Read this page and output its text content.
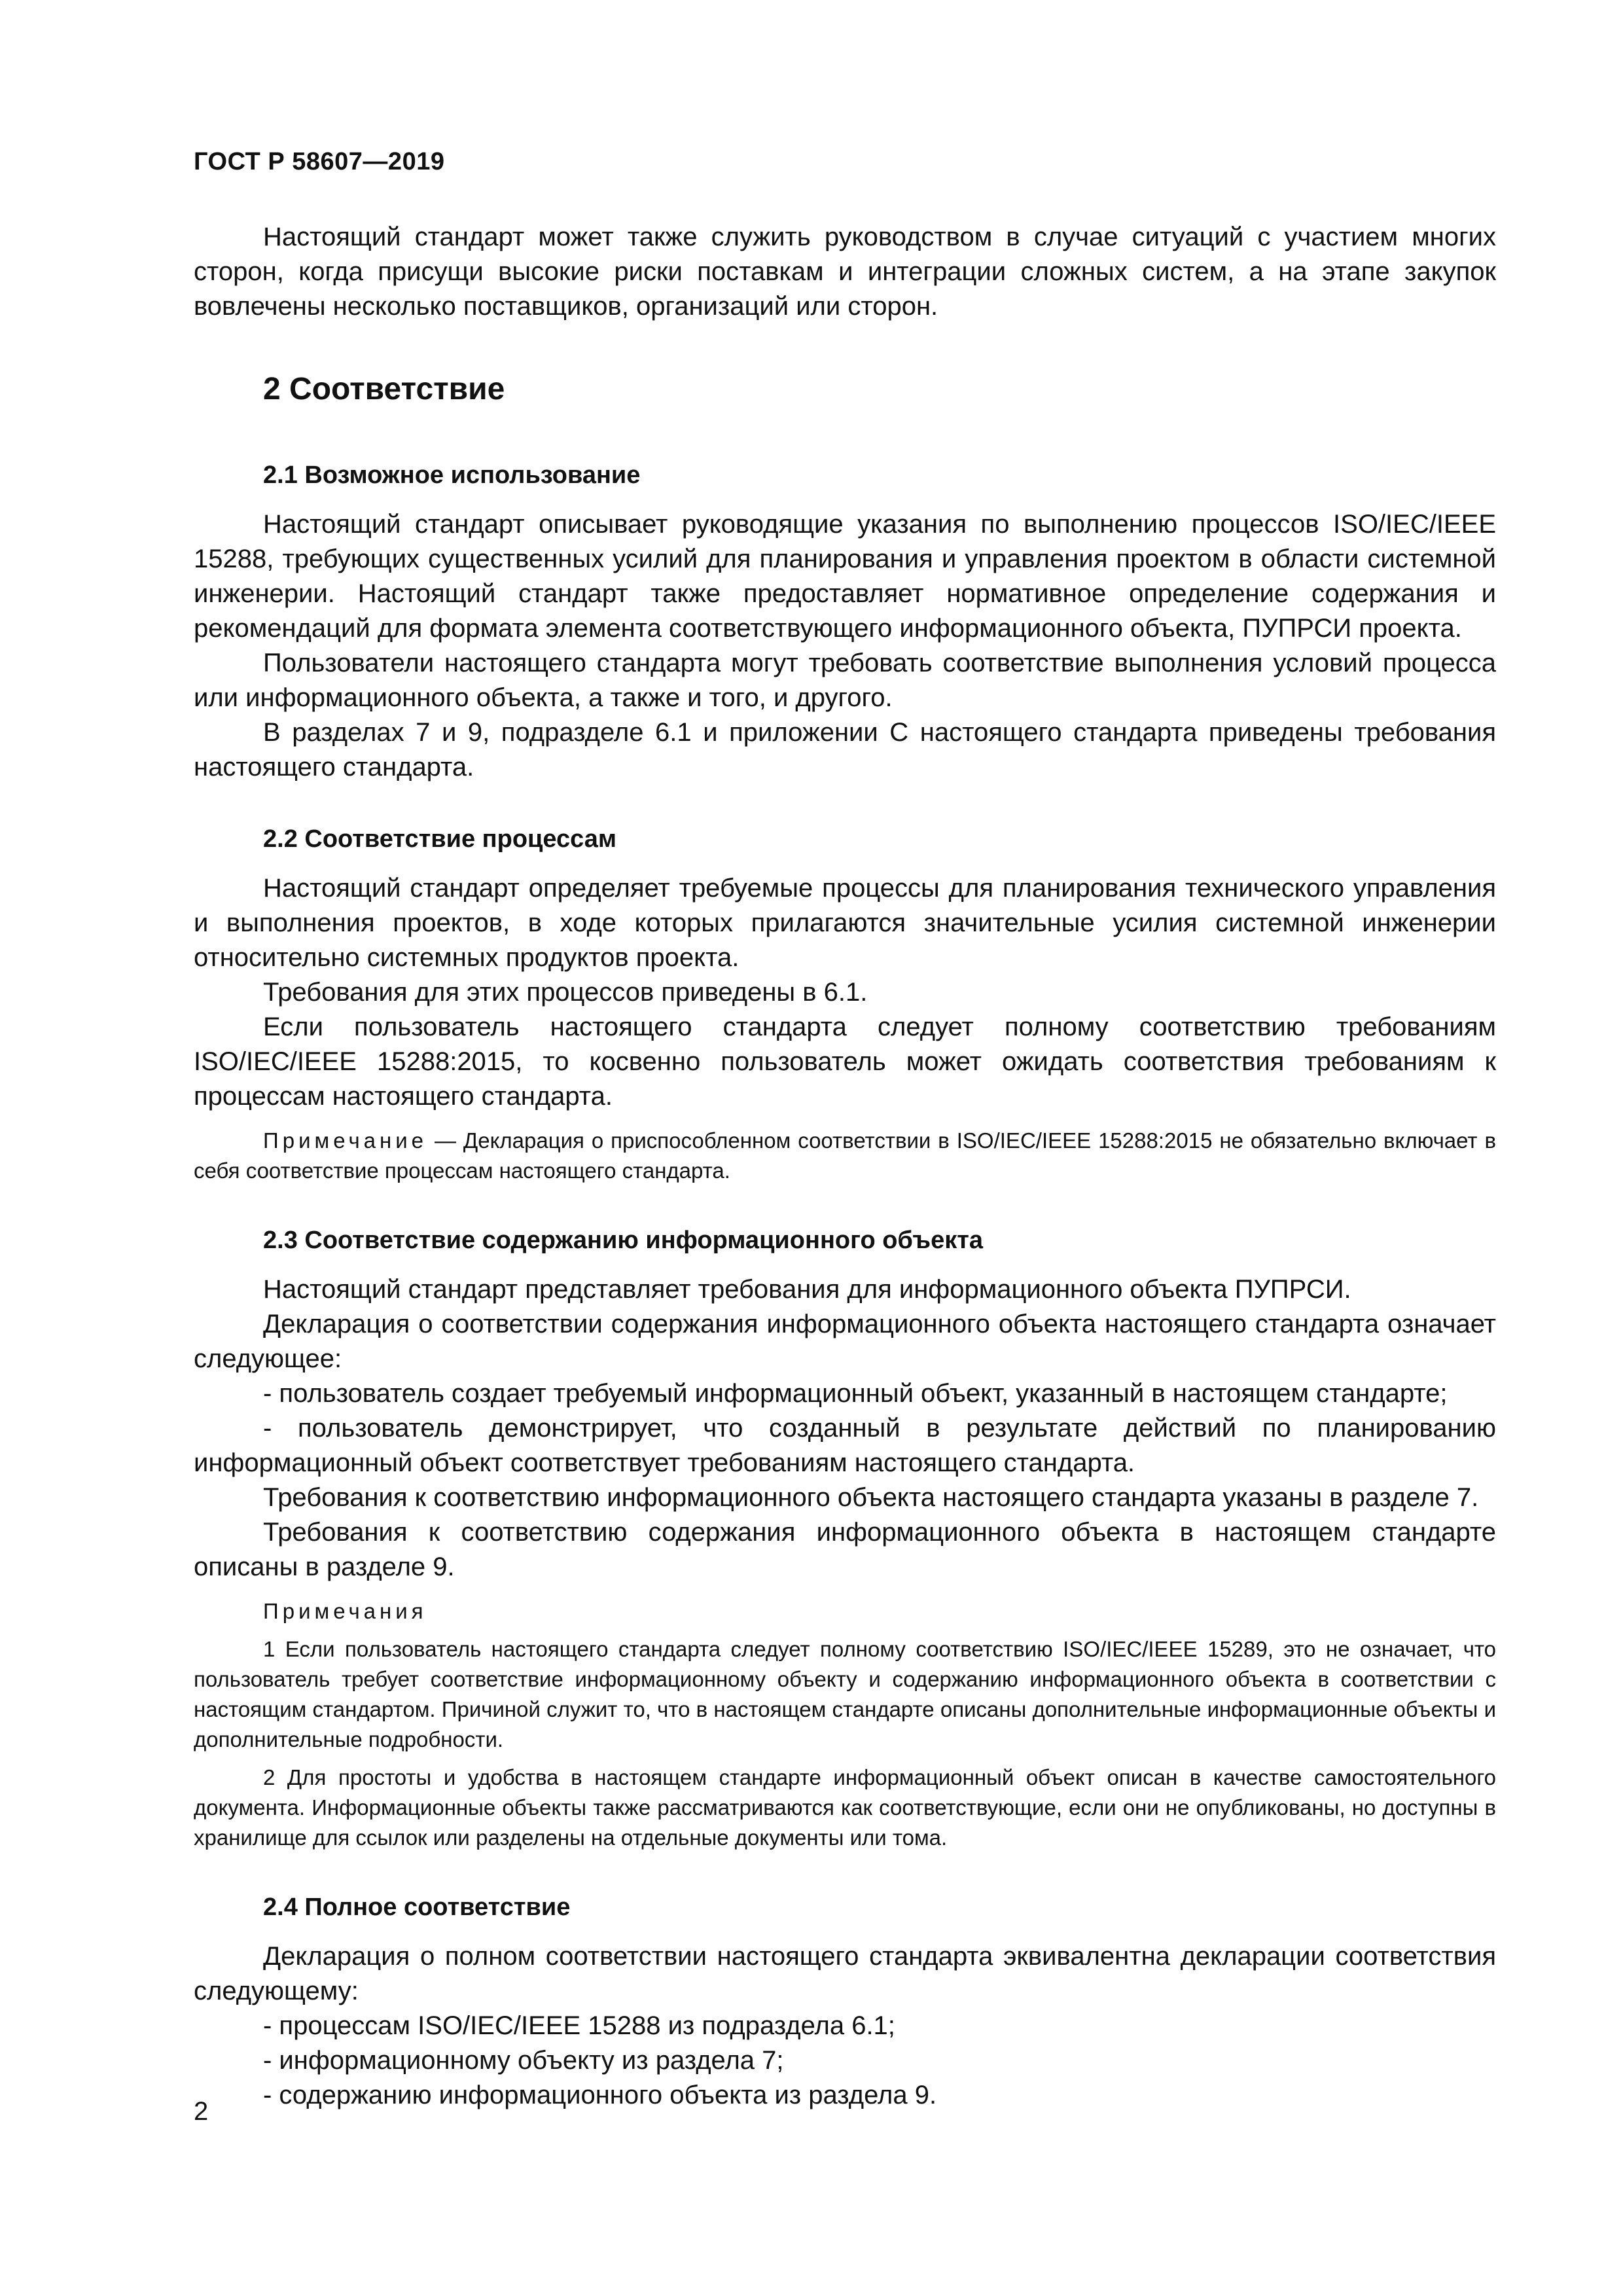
ГОСТ Р 58607—2019

Настоящий стандарт может также служить руководством в случае ситуаций с участием многих сторон, когда присущи высокие риски поставкам и интеграции сложных систем, а на этапе закупок вовлечены несколько поставщиков, организаций или сторон.

2 Соответствие
2.1 Возможное использование

Настоящий стандарт описывает руководящие указания по выполнению процессов ISO/IEC/IEEE 15288, требующих существенных усилий для планирования и управления проектом в области системной инженерии. Настоящий стандарт также предоставляет нормативное определение содержания и рекомендаций для формата элемента соответствующего информационного объекта, ПУПРСИ проекта.

Пользователи настоящего стандарта могут требовать соответствие выполнения условий процесса или информационного объекта, а также и того, и другого.

В разделах 7 и 9, подразделе 6.1 и приложении С настоящего стандарта приведены требования настоящего стандарта.

2.2 Соответствие процессам

Настоящий стандарт определяет требуемые процессы для планирования технического управления и выполнения проектов, в ходе которых прилагаются значительные усилия системной инженерии относительно системных продуктов проекта.

Требования для этих процессов приведены в 6.1.

Если пользователь настоящего стандарта следует полному соответствию требованиям ISO/IEC/IEEE 15288:2015, то косвенно пользователь может ожидать соответствия требованиям к процессам настоящего стандарта.

Примечание — Декларация о приспособленном соответствии в ISO/IEC/IEEE 15288:2015 не обязательно включает в себя соответствие процессам настоящего стандарта.
2.3 Соответствие содержанию информационного объекта

Настоящий стандарт представляет требования для информационного объекта ПУПРСИ.

Декларация о соответствии содержания информационного объекта настоящего стандарта означает следующее:

- пользователь создает требуемый информационный объект, указанный в настоящем стандарте;
- пользователь демонстрирует, что созданный в результате действий по планированию информационный объект соответствует требованиям настоящего стандарта.

Требования к соответствию информационного объекта настоящего стандарта указаны в разделе 7.

Требования к соответствию содержания информационного объекта в настоящем стандарте описаны в разделе 9.

Примечания
1 Если пользователь настоящего стандарта следует полному соответствию ISO/IEC/IEEE 15289, это не означает, что пользователь требует соответствие информационному объекту и содержанию информационного объекта в соответствии с настоящим стандартом. Причиной служит то, что в настоящем стандарте описаны дополнительные информационные объекты и дополнительные подробности.
2 Для простоты и удобства в настоящем стандарте информационный объект описан в качестве самостоятельного документа. Информационные объекты также рассматриваются как соответствующие, если они не опубликованы, но доступны в хранилище для ссылок или разделены на отдельные документы или тома.
2.4 Полное соответствие

Декларация о полном соответствии настоящего стандарта эквивалентна декларации соответствия следующему:

- процессам ISO/IEC/IEEE 15288 из подраздела 6.1;
- информационному объекту из раздела 7;
- содержанию информационного объекта из раздела 9.
2
